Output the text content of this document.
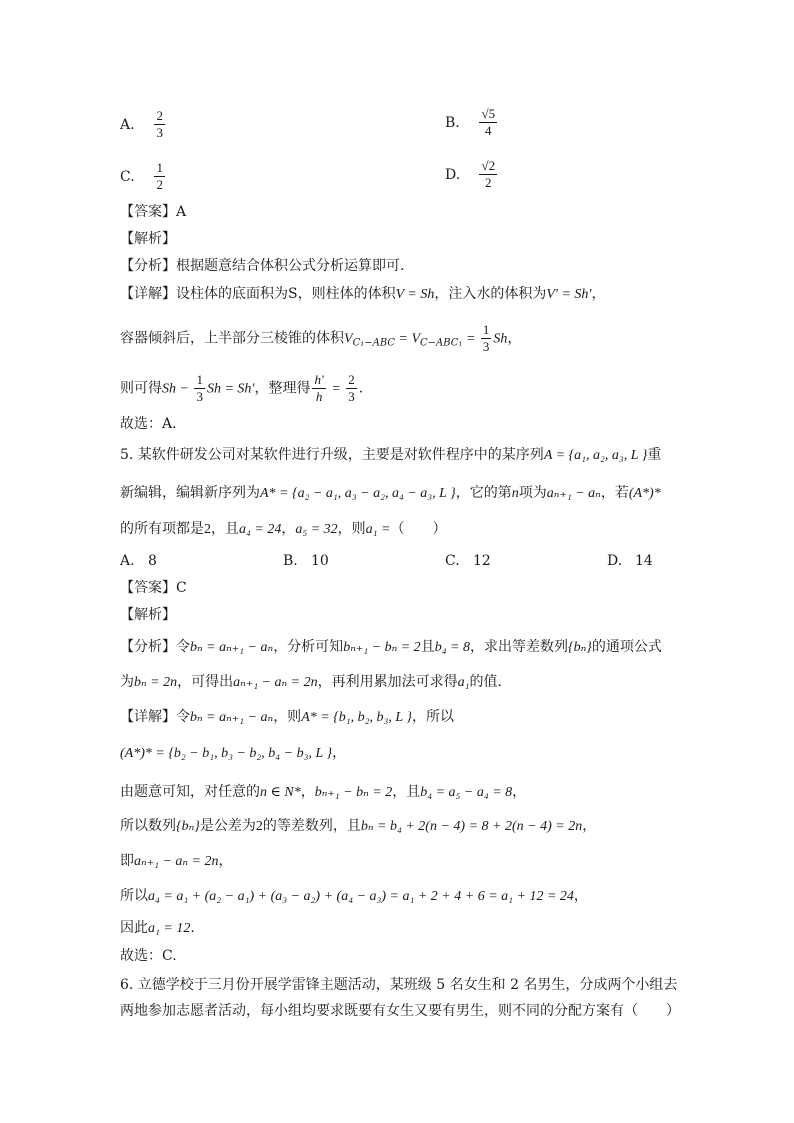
A. $\frac{2}{3}$	B. $\frac{√5}{4}$
C. $\frac{1}{2}$	D. $\frac{√2}{2}$
【答案】A
【解析】
【分析】根据题意结合体积公式分析运算即可.
【详解】设柱体的底面积为S，则柱体的体积V = Sh，注入水的体积为V′ = Sh′，
容器倾斜后，上半部分三棱锥的体积$V_{C_1-ABC} = V_{C-ABC_1} = \frac{1}{3}$ Sh，
则可得$Sh - \frac{1}{3}$ Sh = Sh′，整理得 $\frac{h'}{h} = \frac{2}{3}$ .
故选：A.
5. 某软件研发公司对某软件进行升级，主要是对软件程序中的某序列A = {a₁, a₂, a₃, L }重
新编辑，编辑新序列为A* = {a₂ − a₁, a₃ − a₂, a₄ − a₃, L }，它的第n项为aₙ₊₁ − aₙ，若(A*)*
的所有项都是2，且a₄ = 24，a₅ = 32，则a₁ =（　　）
A. 8	B. 10	C. 12	D. 14
【答案】C
【解析】
【分析】令bₙ = aₙ₊₁ − aₙ，分析可知bₙ₊₁ − bₙ = 2且b₄ = 8，求出等差数列{bₙ}的通项公式
为bₙ = 2n，可得出aₙ₊₁ − aₙ = 2n，再利用累加法可求得a₁的值.
【详解】令bₙ = aₙ₊₁ − aₙ，则A* = {b₁, b₂, b₃, L }，所以
(A*)* = {b₂ − b₁, b₃ − b₂, b₄ − b₃, L }，
由题意可知，对任意的n ∈ N*，bₙ₊₁ − bₙ = 2，且b₄ = a₅ − a₄ = 8，
所以数列{bₙ}是公差为2的等差数列，且bₙ = b₄ + 2(n − 4) = 8 + 2(n − 4) = 2n，
即aₙ₊₁ − aₙ = 2n，
所以a₄ = a₁ + (a₂ − a₁) + (a₃ − a₂) + (a₄ − a₃) = a₁ + 2 + 4 + 6 = a₁ + 12 = 24，
因此a₁ = 12.
故选：C.
6. 立德学校于三月份开展学雷锋主题活动，某班级 5 名女生和 2 名男生，分成两个小组去
两地参加志愿者活动，每小组均要求既要有女生又要有男生，则不同的分配方案有（　　）
